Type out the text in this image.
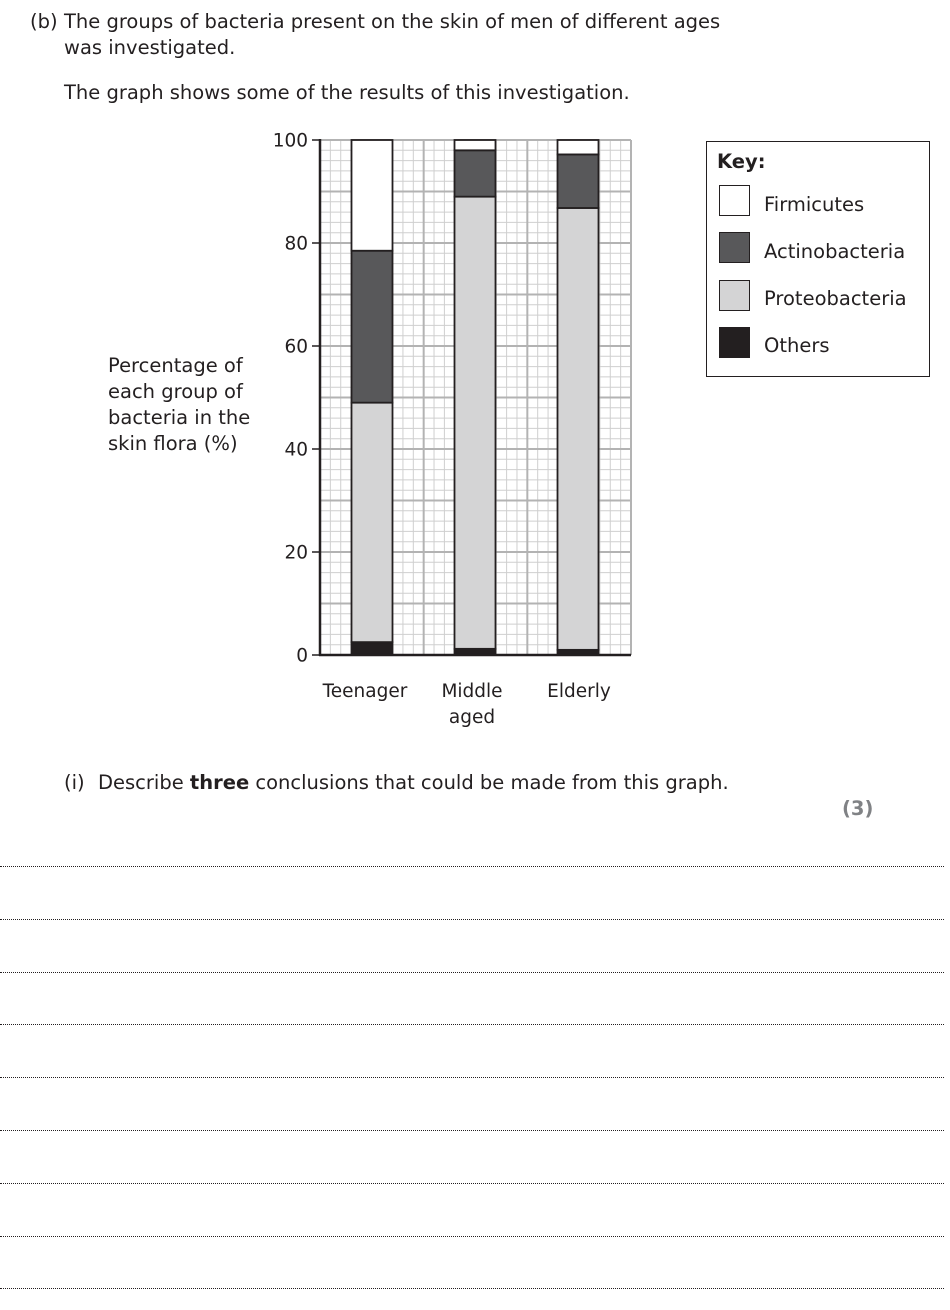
(b) The groups of bacteria present on the skin of men of different ages
was investigated.
The graph shows some of the results of this investigation.
Percentage of
each group of
bacteria in the
skin flora (%)
0
20
40
60
80
100
Teenager Middle aged
Elderly
Key:
Firmicutes
Actinobacteria
Proteobacteria
Others
(i) Describe three conclusions that could be made from this graph.
(3)
